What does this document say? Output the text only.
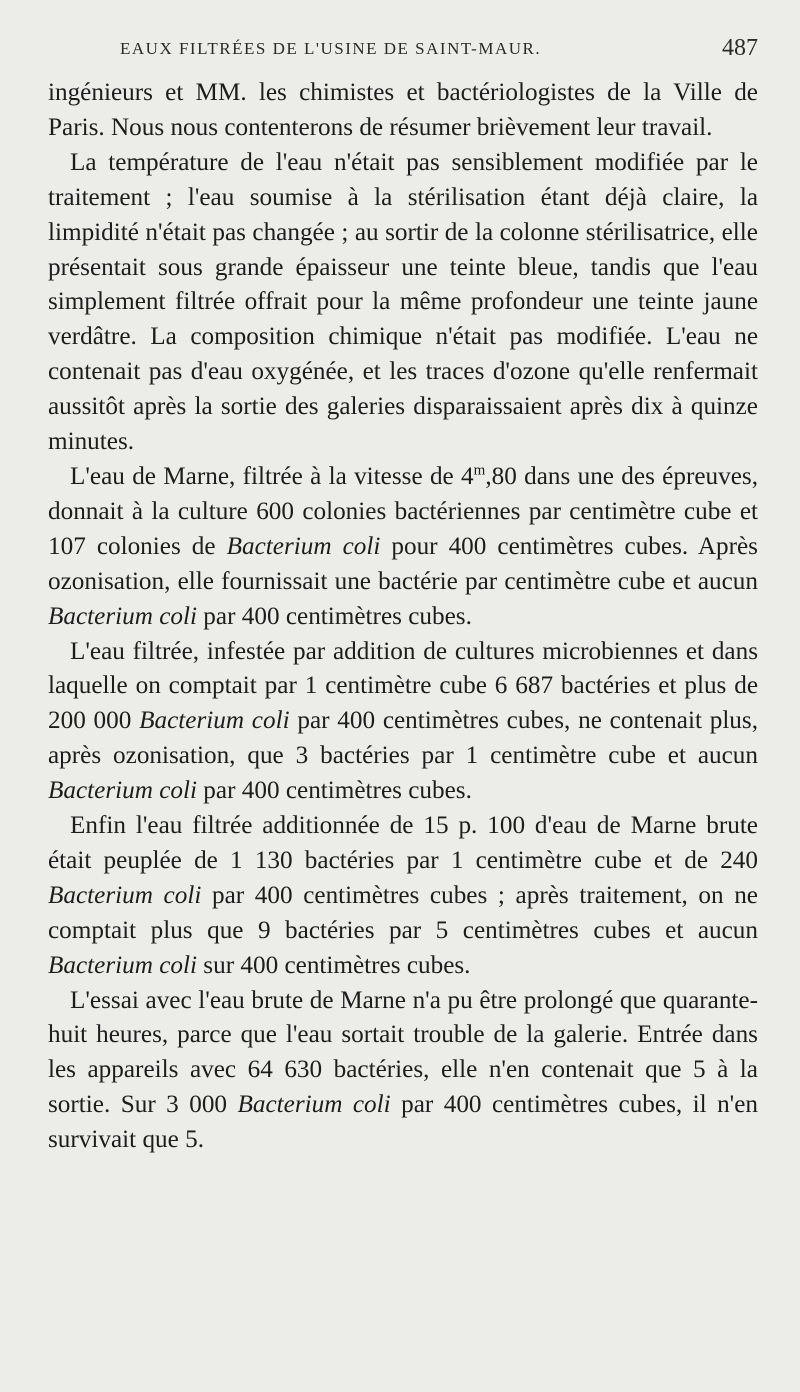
EAUX FILTRÉES DE L'USINE DE SAINT-MAUR.	487

ingénieurs et MM. les chimistes et bactériologistes de la Ville de Paris. Nous nous contenterons de résumer brièvement leur travail.

La température de l'eau n'était pas sensiblement modifiée par le traitement ; l'eau soumise à la stérilisation étant déjà claire, la limpidité n'était pas changée ; au sortir de la colonne stérilisatrice, elle présentait sous grande épaisseur une teinte bleue, tandis que l'eau simplement filtrée offrait pour la même profondeur une teinte jaune verdâtre. La composition chimique n'était pas modifiée. L'eau ne contenait pas d'eau oxygénée, et les traces d'ozone qu'elle renfermait aussitôt après la sortie des galeries disparaissaient après dix à quinze minutes.

L'eau de Marne, filtrée à la vitesse de 4$^m$,80 dans une des épreuves, donnait à la culture 600 colonies bactériennes par centimètre cube et 107 colonies de Bacterium coli pour 400 centimètres cubes. Après ozonisation, elle fournissait une bactérie par centimètre cube et aucun Bacterium coli par 400 centimètres cubes.

L'eau filtrée, infestée par addition de cultures microbiennes et dans laquelle on comptait par 1 centimètre cube 6 687 bactéries et plus de 200 000 Bacterium coli par 400 centimètres cubes, ne contenait plus, après ozonisation, que 3 bactéries par 1 centimètre cube et aucun Bacterium coli par 400 centimètres cubes.

Enfin l'eau filtrée additionnée de 15 p. 100 d'eau de Marne brute était peuplée de 1 130 bactéries par 1 centimètre cube et de 240 Bacterium coli par 400 centimètres cubes ; après traitement, on ne comptait plus que 9 bactéries par 5 centimètres cubes et aucun Bacterium coli sur 400 centimètres cubes.

L'essai avec l'eau brute de Marne n'a pu être prolongé que quarante-huit heures, parce que l'eau sortait trouble de la galerie. Entrée dans les appareils avec 64 630 bactéries, elle n'en contenait que 5 à la sortie. Sur 3 000 Bacterium coli par 400 centimètres cubes, il n'en survivait que 5.
